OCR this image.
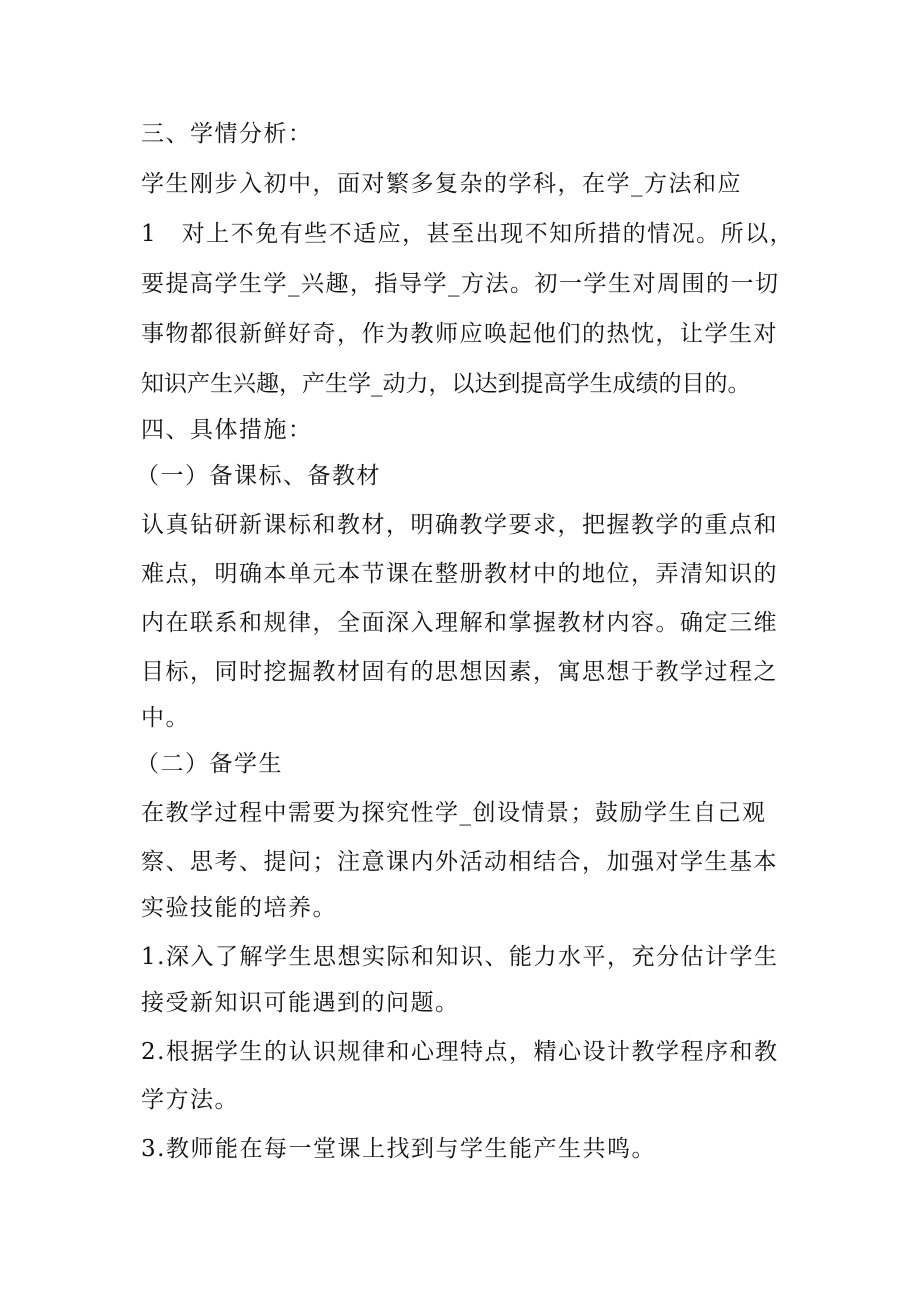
三、学情分析：

学生刚步入初中，面对繁多复杂的学科，在学_方法和应

1　对上不免有些不适应，甚至出现不知所措的情况。所以，

要提高学生学_兴趣，指导学_方法。初一学生对周围的一切

事物都很新鲜好奇，作为教师应唤起他们的热忱，让学生对

知识产生兴趣，产生学_动力，以达到提高学生成绩的目的。

四、具体措施：

（一）备课标、备教材

认真钻研新课标和教材，明确教学要求，把握教学的重点和

难点，明确本单元本节课在整册教材中的地位，弄清知识的

内在联系和规律，全面深入理解和掌握教材内容。确定三维

目标，同时挖掘教材固有的思想因素，寓思想于教学过程之

中。

（二）备学生

在教学过程中需要为探究性学_创设情景；鼓励学生自己观

察、思考、提问；注意课内外活动相结合，加强对学生基本

实验技能的培养。

1.深入了解学生思想实际和知识、能力水平，充分估计学生

接受新知识可能遇到的问题。

2.根据学生的认识规律和心理特点，精心设计教学程序和教

学方法。

3.教师能在每一堂课上找到与学生能产生共鸣。
